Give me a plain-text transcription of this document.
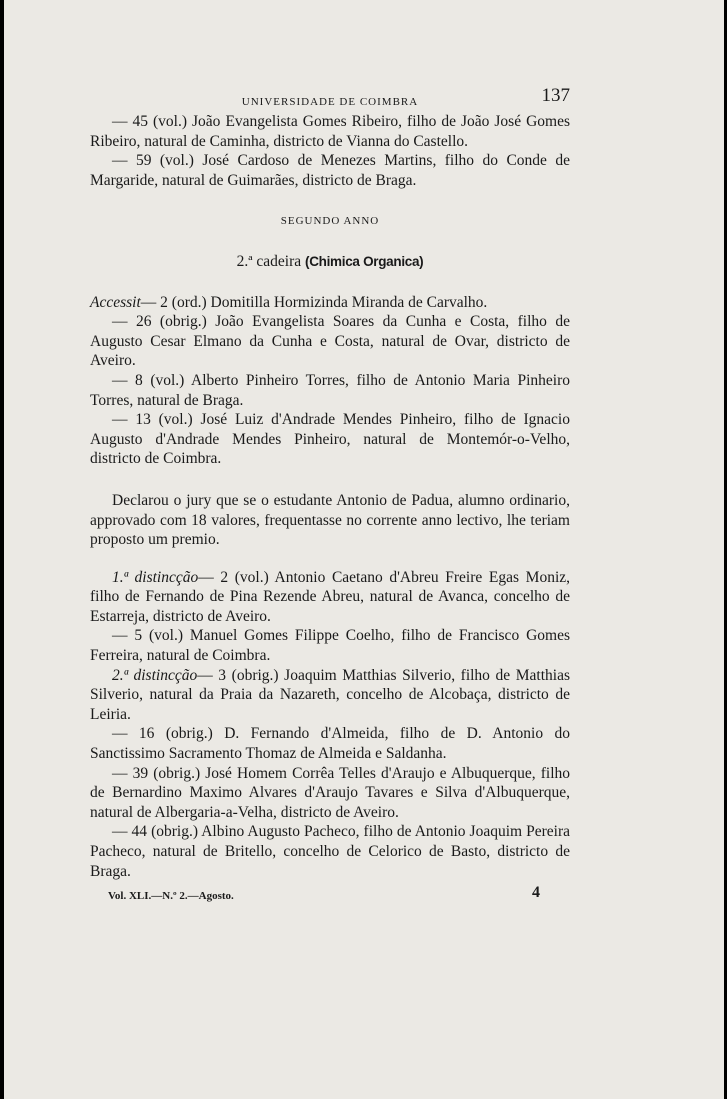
UNIVERSIDADE DE COIMBRA	137

— 45 (vol.) João Evangelista Gomes Ribeiro, filho de João José Gomes Ribeiro, natural de Caminha, districto de Vianna do Castello.

— 59 (vol.) José Cardoso de Menezes Martins, filho do Conde de Margaride, natural de Guimarães, districto de Braga.

SEGUNDO ANNO
2.ª cadeira (Chimica Organica)

Accessit— 2 (ord.) Domitilla Hormizinda Miranda de Carvalho.

— 26 (obrig.) João Evangelista Soares da Cunha e Costa, filho de Augusto Cesar Elmano da Cunha e Costa, natural de Ovar, districto de Aveiro.

— 8 (vol.) Alberto Pinheiro Torres, filho de Antonio Maria Pinheiro Torres, natural de Braga.

— 13 (vol.) José Luiz d'Andrade Mendes Pinheiro, filho de Ignacio Augusto d'Andrade Mendes Pinheiro, natural de Montemór-o-Velho, districto de Coimbra.

Declarou o jury que se o estudante Antonio de Padua, alumno ordinario, approvado com 18 valores, frequentasse no corrente anno lectivo, lhe teriam proposto um premio.

1.ª distincção— 2 (vol.) Antonio Caetano d'Abreu Freire Egas Moniz, filho de Fernando de Pina Rezende Abreu, natural de Avanca, concelho de Estarreja, districto de Aveiro.

— 5 (vol.) Manuel Gomes Filippe Coelho, filho de Francisco Gomes Ferreira, natural de Coimbra.

2.ª distincção— 3 (obrig.) Joaquim Matthias Silverio, filho de Matthias Silverio, natural da Praia da Nazareth, concelho de Alcobaça, districto de Leiria.

— 16 (obrig.) D. Fernando d'Almeida, filho de D. Antonio do Sanctissimo Sacramento Thomaz de Almeida e Saldanha.

— 39 (obrig.) José Homem Corrêa Telles d'Araujo e Albuquerque, filho de Bernardino Maximo Alvares d'Araujo Tavares e Silva d'Albuquerque, natural de Albergaria-a-Velha, districto de Aveiro.

— 44 (obrig.) Albino Augusto Pacheco, filho de Antonio Joaquim Pereira Pacheco, natural de Britello, concelho de Celorico de Basto, districto de Braga.

Vol. XLI.—N.º 2.—Agosto.	4
